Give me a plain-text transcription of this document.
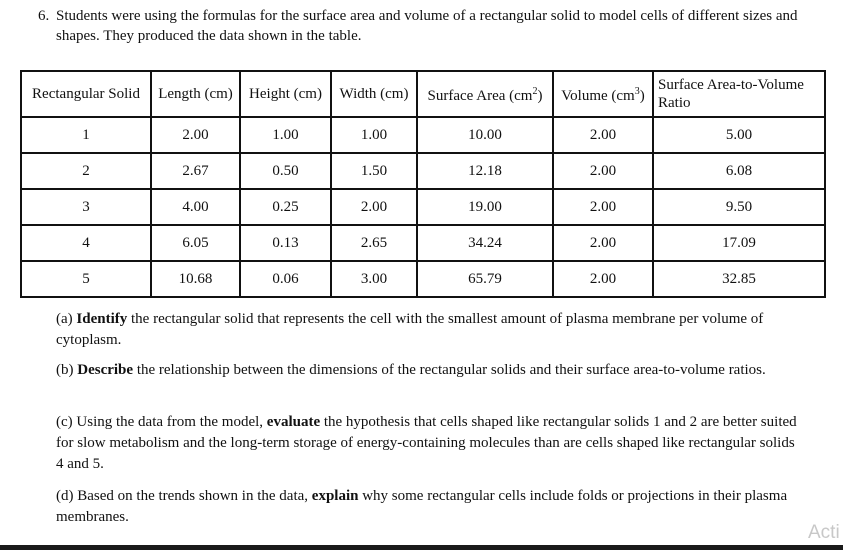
6. Students were using the formulas for the surface area and volume of a rectangular solid to model cells of different sizes and shapes. They produced the data shown in the table.
Rectangular Solid	Length (cm)	Height (cm)	Width (cm)	Surface Area $(cm^2)$	Volume $(cm^3)$	Surface Area-to-Volume Ratio
1	2.00	1.00	1.00	10.00	2.00	5.00
2	2.67	0.50	1.50	12.18	2.00	6.08
3	4.00	0.25	2.00	19.00	2.00	9.50
4	6.05	0.13	2.65	34.24	2.00	17.09
5	10.68	0.06	3.00	65.79	2.00	32.85
(a) Identify the rectangular solid that represents the cell with the smallest amount of plasma membrane per volume of cytoplasm.
(b) Describe the relationship between the dimensions of the rectangular solids and their surface area-to-volume ratios.
(c) Using the data from the model, evaluate the hypothesis that cells shaped like rectangular solids 1 and 2 are better suited for slow metabolism and the long-term storage of energy-containing molecules than are cells shaped like rectangular solids 4 and 5.
(d) Based on the trends shown in the data, explain why some rectangular cells include folds or projections in their plasma membranes.
Acti
